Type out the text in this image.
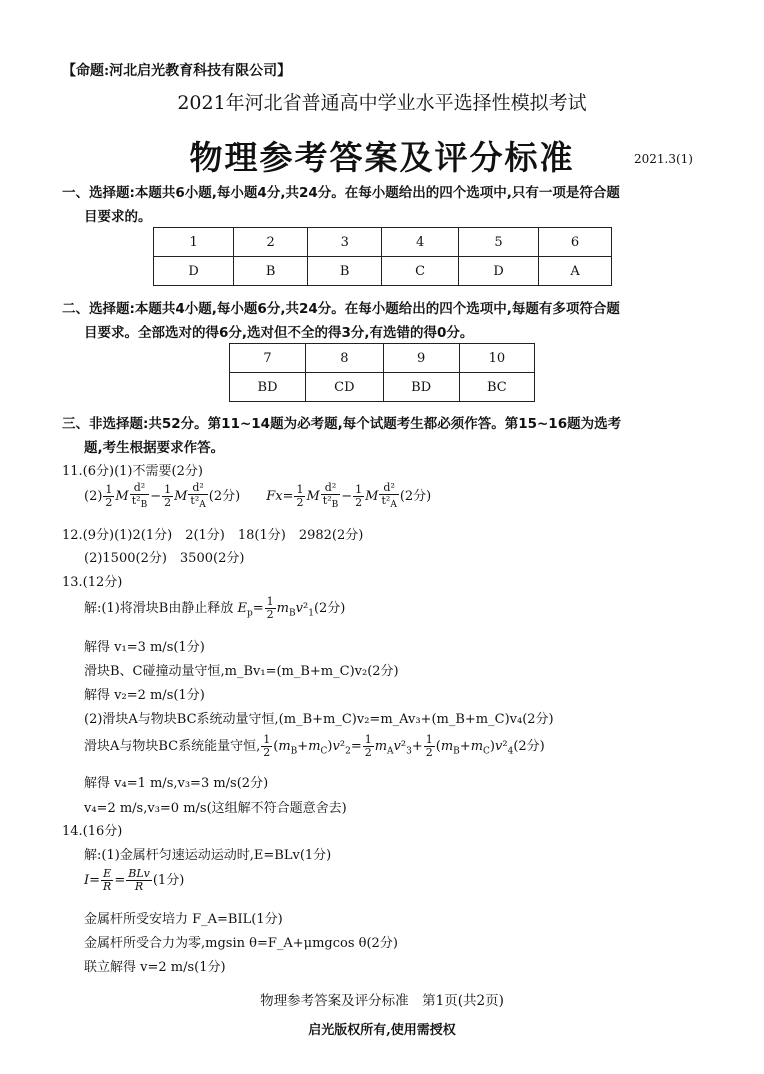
【命题:河北启光教育科技有限公司】
2021年河北省普通高中学业水平选择性模拟考试
物理参考答案及评分标准	2021.3(1)
一、选择题:本题共6小题,每小题4分,共24分。在每小题给出的四个选项中,只有一项是符合题
目要求的。
1	2	3	4	5	6
D	B	B	C	D	A
二、选择题:本题共4小题,每小题6分,共24分。在每小题给出的四个选项中,每题有多项符合题
目要求。全部选对的得6分,选对但不全的得3分,有选错的得0分。
7	8	9	10
BD	CD	BD	BC
三、非选择题:共52分。第11~14题为必考题,每个试题考生都必须作答。第15~16题为选考
题,考生根据要求作答。
11.(6分)(1)不需要(2分)
$(2) \frac{1}{2}$ M $\frac{\text{d²}}{t^2_B} - \frac{1}{2}$ M $\frac{\text{d²}}{t^2_A} (2$分)　　 $Fx= \frac{1}{2}$ M $\frac{\text{d²}}{t^2_B} - \frac{1}{2}$ M $\frac{\text{d²}}{t^2_A} (2$分)
12.(9分)(1)2(1分)　2(1分)　18(1分)　2982(2分)
(2)1500(2分)　3500(2分)
13.(12分)
解:(1)将滑块B由静止释放 $E_p= \frac{1}{2} m_Bv^2_1(2$分)
解得 v₁=3 m/s(1分)
滑块B、C碰撞动量守恒,m_Bv₁=(m_B+m_C)v₂(2分)
解得 v₂=2 m/s(1分)
(2)滑块A与物块BC系统动量守恒,(m_B+m_C)v₂=m_Av₃+(m_B+m_C)v₄(2分)
滑块A与物块BC系统能量守恒, $\frac{1}{2} (m_B+m_C)v^2_2= \frac{1}{2} m_Av^2_3+ \frac{1}{2} (m_B+m_C)v^2_4(2$分)
解得 v₄=1 m/s,v₃=3 m/s(2分)
v₄=2 m/s,v₃=0 m/s(这组解不符合题意舍去)
14.(16分)
解:(1)金属杆匀速运动运动时,E=BLv(1分)
$I= \frac{E}{R} = \frac{\text{BLv}}{R} (1$分)
金属杆所受安培力 F_A=BIL(1分)
金属杆所受合力为零,mgsin θ=F_A+μmgcos θ(2分)
联立解得 v=2 m/s(1分)
物理参考答案及评分标准　第1页(共2页)
启光版权所有,使用需授权
